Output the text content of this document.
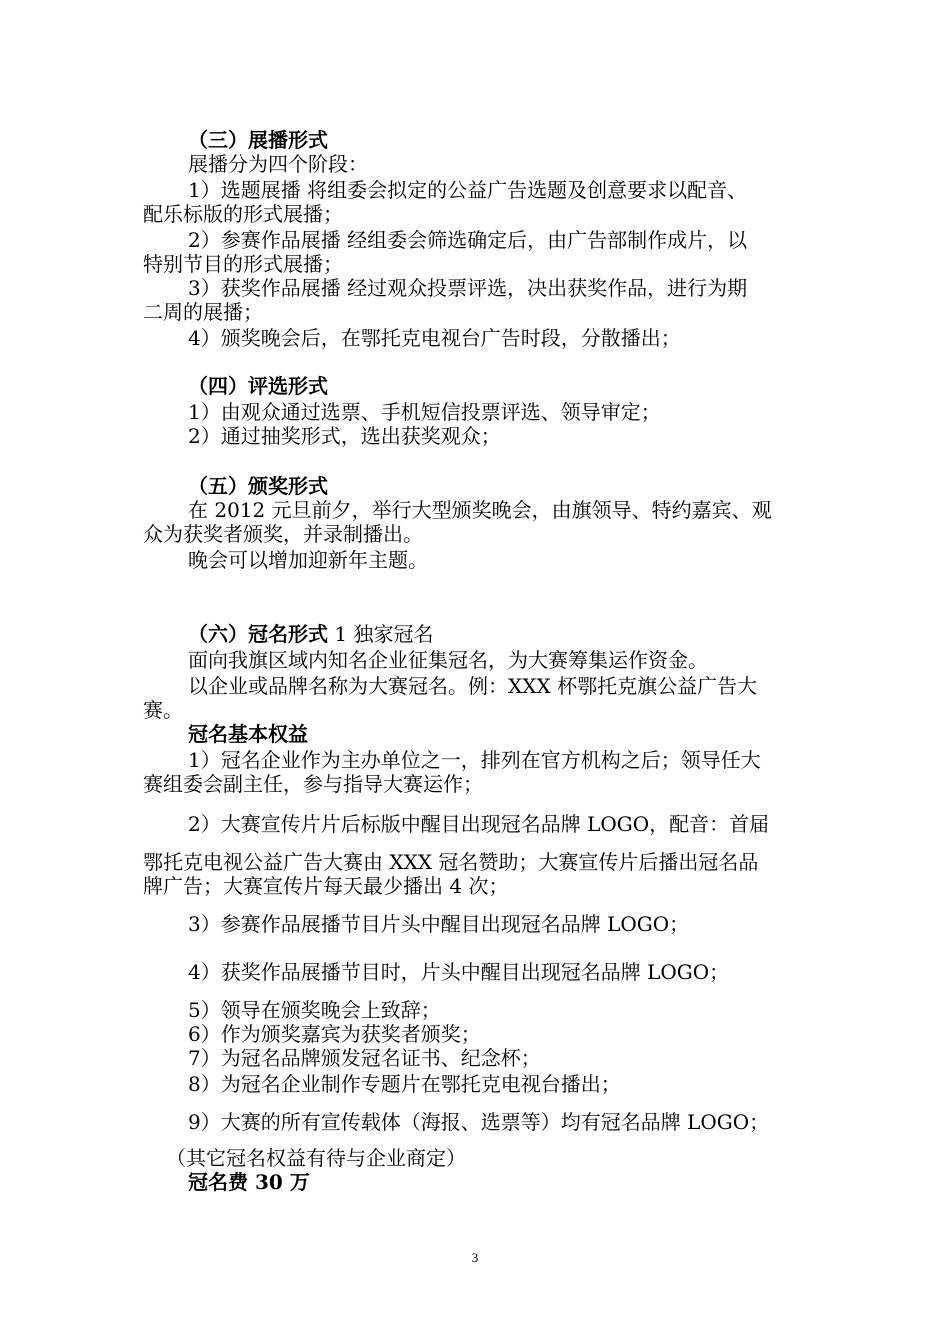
（三）展播形式
展播分为四个阶段：
1）选题展播 将组委会拟定的公益广告选题及创意要求以配音、
配乐标版的形式展播；
2）参赛作品展播 经组委会筛选确定后，由广告部制作成片，以
特别节目的形式展播；
3）获奖作品展播 经过观众投票评选，决出获奖作品，进行为期
二周的展播；
4）颁奖晚会后，在鄂托克电视台广告时段，分散播出；
（四）评选形式
1）由观众通过选票、手机短信投票评选、领导审定；
2）通过抽奖形式，选出获奖观众；
（五）颁奖形式
在 2012 元旦前夕，举行大型颁奖晚会，由旗领导、特约嘉宾、观
众为获奖者颁奖，并录制播出。
晚会可以增加迎新年主题。
（六）冠名形式 1 独家冠名
面向我旗区域内知名企业征集冠名，为大赛筹集运作资金。
以企业或品牌名称为大赛冠名。例：XXX 杯鄂托克旗公益广告大
赛。
冠名基本权益
1）冠名企业作为主办单位之一，排列在官方机构之后；领导任大
赛组委会副主任，参与指导大赛运作；
2）大赛宣传片片后标版中醒目出现冠名品牌 LOGO，配音：首届
鄂托克电视公益广告大赛由 XXX 冠名赞助；大赛宣传片后播出冠名品
牌广告；大赛宣传片每天最少播出 4 次；
3）参赛作品展播节目片头中醒目出现冠名品牌 LOGO；
4）获奖作品展播节目时，片头中醒目出现冠名品牌 LOGO；
5）领导在颁奖晚会上致辞；
6）作为颁奖嘉宾为获奖者颁奖；
7）为冠名品牌颁发冠名证书、纪念杯；
8）为冠名企业制作专题片在鄂托克电视台播出；
9）大赛的所有宣传载体（海报、选票等）均有冠名品牌 LOGO；
（其它冠名权益有待与企业商定）
冠名费 30 万
3
